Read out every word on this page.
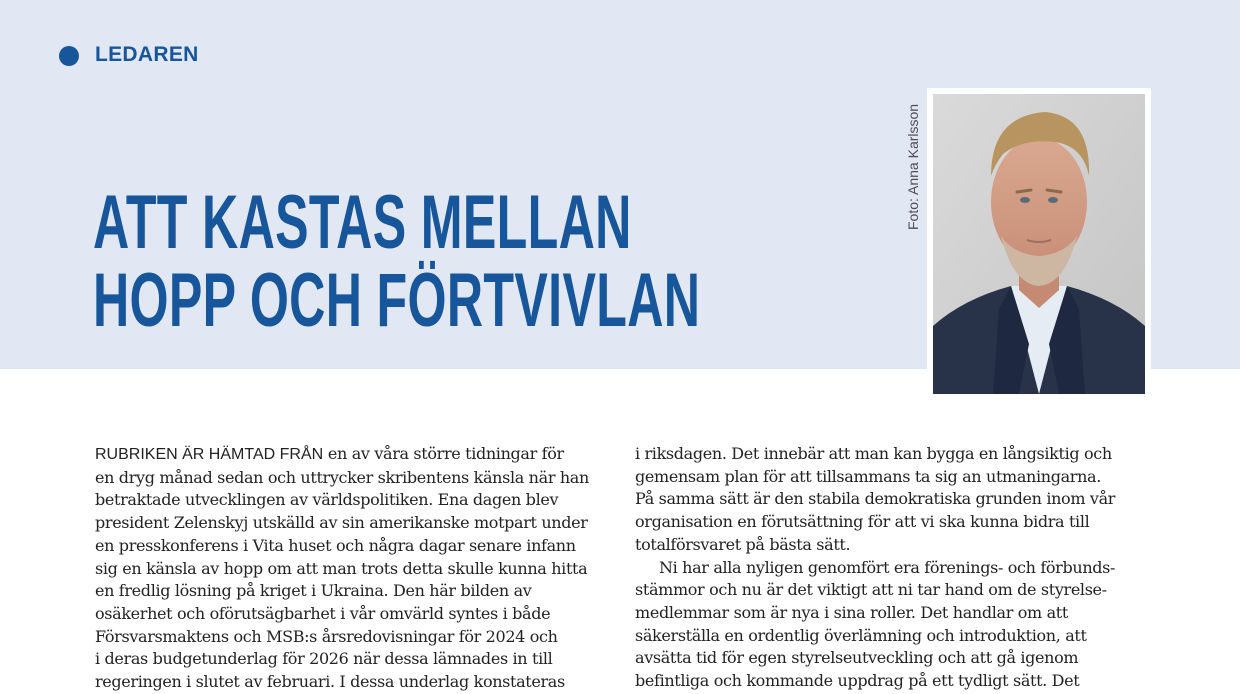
LEDAREN
ATT KASTAS MELLAN
HOPP OCH FÖRTVIVLAN
Foto: Anna Karlsson
RUBRIKEN ÄR HÄMTAD FRÅN en av våra större tidningar för
en dryg månad sedan och uttrycker skribentens känsla när han
betraktade utvecklingen av världspolitiken. Ena dagen blev
president Zelenskyj utskälld av sin amerikanske motpart under
en presskonferens i Vita huset och några dagar senare infann
sig en känsla av hopp om att man trots detta skulle kunna hitta
en fredlig lösning på kriget i Ukraina. Den här bilden av
osäkerhet och oförutsägbarhet i vår omvärld syntes i både
Försvarsmaktens och MSB:s årsredovisningar för 2024 och
i deras budgetunderlag för 2026 när dessa lämnades in till
regeringen i slutet av februari. I dessa underlag konstateras
i riksdagen. Det innebär att man kan bygga en långsiktig och
gemensam plan för att tillsammans ta sig an utmaningarna.
På samma sätt är den stabila demokratiska grunden inom vår
organisation en förutsättning för att vi ska kunna bidra till
totalförsvaret på bästa sätt.
Ni har alla nyligen genomfört era förenings- och förbunds-
stämmor och nu är det viktigt att ni tar hand om de styrelse-
medlemmar som är nya i sina roller. Det handlar om att
säkerställa en ordentlig överlämning och introduktion, att
avsätta tid för egen styrelseutveckling och att gå igenom
befintliga och kommande uppdrag på ett tydligt sätt. Det
